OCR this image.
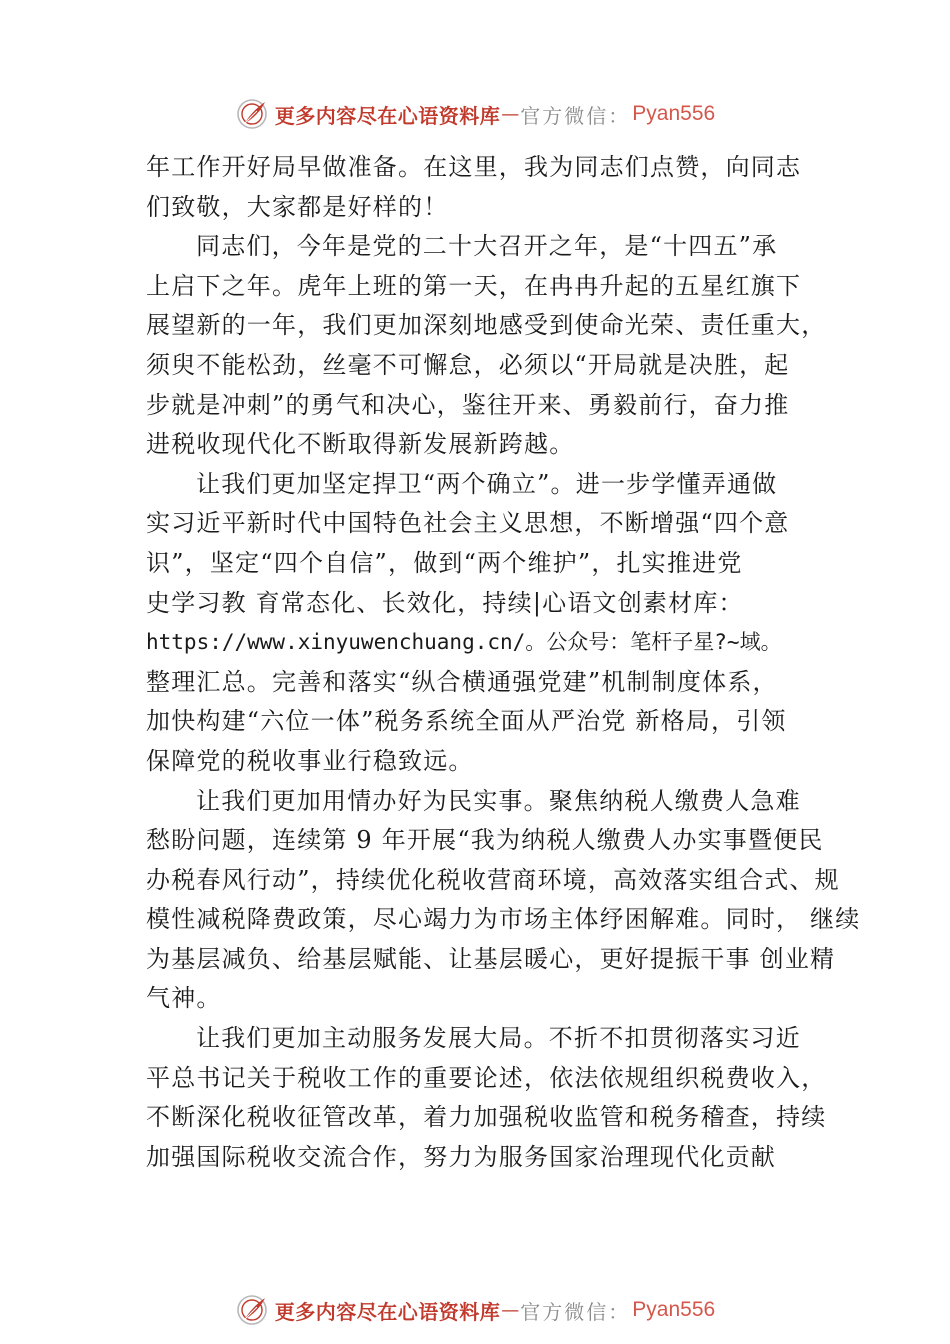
更多内容尽在心语资料库 — 官方微信： Pyan556
年工作开好局早做准备。在这里，我为同志们点赞，向同志
们致敬，大家都是好样的！
同志们，今年是党的二十大召开之年，是“十四五”承
上启下之年。虎年上班的第一天，在冉冉升起的五星红旗下
展望新的一年，我们更加深刻地感受到使命光荣、责任重大，
须臾不能松劲，丝毫不可懈怠，必须以“开局就是决胜，起
步就是冲刺”的勇气和决心，鉴往开来、勇毅前行，奋力推
进税收现代化不断取得新发展新跨越。
让我们更加坚定捍卫“两个确立”。进一步学懂弄通做
实习近平新时代中国特色社会主义思想，不断增强“四个意
识”，坚定“四个自信”，做到“两个维护”，扎实推进党
史学习教 育常态化、长效化，持续|心语文创素材库：
https://www.xinyuwenchuang.cn/。公众号：笔杆子星?~域。
整理汇总。完善和落实“纵合横通强党建”机制制度体系，
加快构建“六位一体”税务系统全面从严治党 新格局，引领
保障党的税收事业行稳致远。
让我们更加用情办好为民实事。聚焦纳税人缴费人急难
愁盼问题，连续第 9 年开展“我为纳税人缴费人办实事暨便民
办税春风行动”，持续优化税收营商环境，高效落实组合式、规
模性减税降费政策，尽心竭力为市场主体纾困解难。同时， 继续
为基层减负、给基层赋能、让基层暖心，更好提振干事 创业精
气神。
让我们更加主动服务发展大局。不折不扣贯彻落实习近
平总书记关于税收工作的重要论述，依法依规组织税费收入，
不断深化税收征管改革，着力加强税收监管和税务稽查，持续
加强国际税收交流合作，努力为服务国家治理现代化贡献
更多内容尽在心语资料库 — 官方微信： Pyan556
